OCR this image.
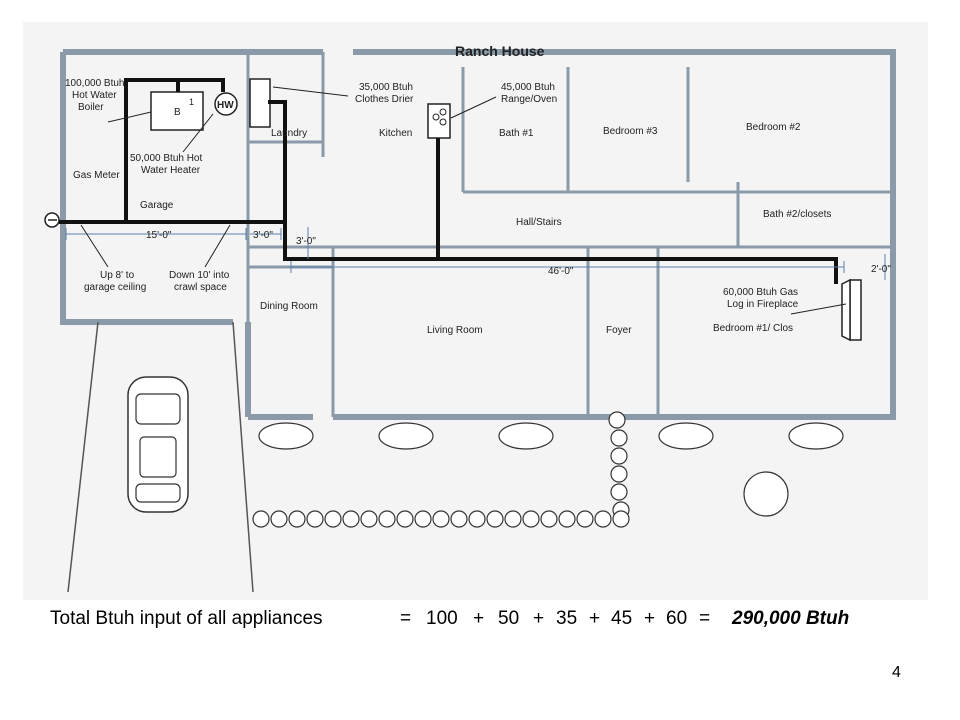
B
1 HW
15'-0"	3'-0"
3'-0"
46'-0"	2'-0"
Ranch House
Laundry	Kitchen	Bath #1	Bedroom #3	Bedroom #2
Bath #2/closets
Hall/Stairs
Garage
Dining Room
Living Room	Foyer	Bedroom #1/ Clos
100,000 Btuh
Hot Water
Boiler
50,000 Btuh Hot
Water Heater
35,000 Btuh
Clothes Drier
45,000 Btuh
Range/Oven
60,000 Btuh Gas
Log in Fireplace
Gas Meter
Up 8' to
garage ceiling
Down 10' into
crawl space
Total Btuh input of all appliances	= 100 + 50 + 35 + 45 + 60 = 290,000 Btuh
4
